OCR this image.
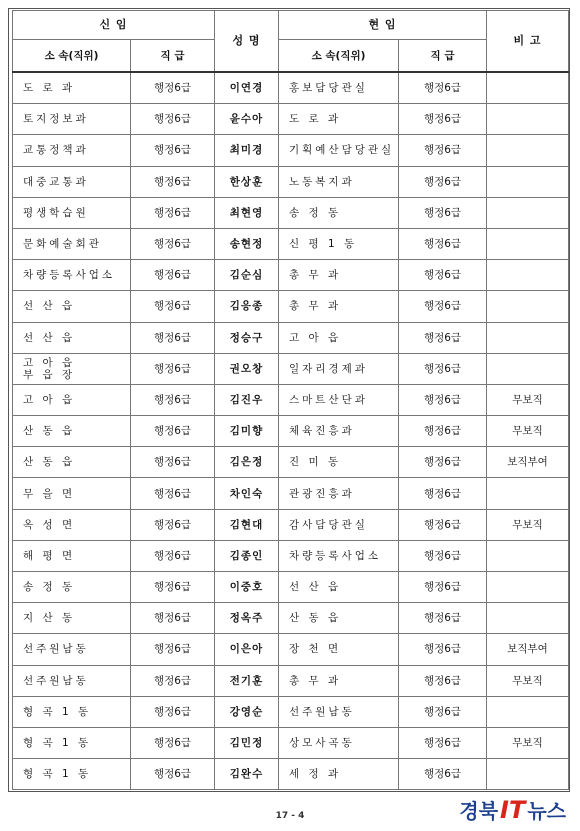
신 임		성 명	현 임		비 고
소 속(직위)	직 급		소 속(직위)	직 급	
도 로 과	행정6급	이연경	홍보담당관실	행정6급	
토지정보과	행정6급	윤수아	도 로 과	행정6급	
교통정책과	행정6급	최미경	기획예산담당관실	행정6급	
대중교통과	행정6급	한상훈	노동복지과	행정6급	
평생학습원	행정6급	최현영	송 정 동	행정6급	
문화예술회관	행정6급	송현정	신 평 1 동	행정6급	
차량등록사업소	행정6급	김순심	총 무 과	행정6급	
선 산 읍	행정6급	김응종	총 무 과	행정6급	
선 산 읍	행정6급	정승구	고 아 읍	행정6급	

고 아 읍
부 읍 장	행정6급	권오창	일자리경제과	행정6급	
고 아 읍	행정6급	김진우	스마트산단과	행정6급	무보직
산 동 읍	행정6급	김미향	체육진흥과	행정6급	무보직
산 동 읍	행정6급	김은정	진 미 동	행정6급	보직부여
무 을 면	행정6급	차인숙	관광진흥과	행정6급	
옥 성 면	행정6급	김현대	감사담당관실	행정6급	무보직
해 평 면	행정6급	김종인	차량등록사업소	행정6급	
송 정 동	행정6급	이중호	선 산 읍	행정6급	
지 산 동	행정6급	정옥주	산 동 읍	행정6급	
선주원남동	행정6급	이은아	장 천 면	행정6급	보직부여
선주원남동	행정6급	전기훈	총 무 과	행정6급	무보직
형 곡 1 동	행정6급	강영순	선주원남동	행정6급	
형 곡 1 동	행정6급	김민정	상모사곡동	행정6급	무보직
형 곡 1 동	행정6급	김완수	세 정 과	행정6급	
17 - 4	경북 IT 뉴스
